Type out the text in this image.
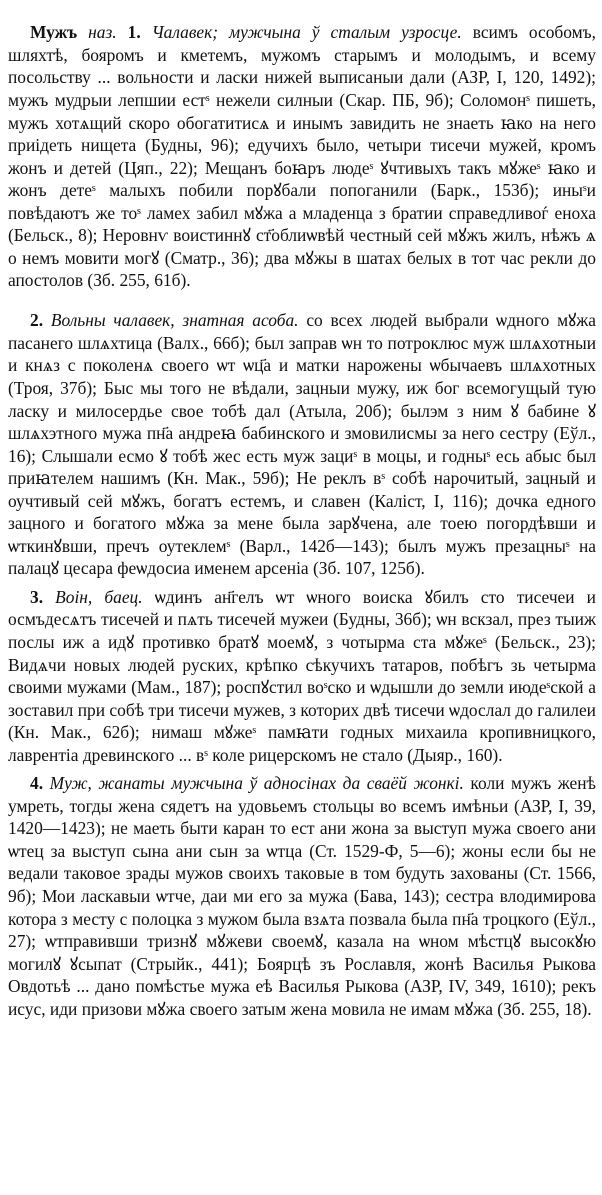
Мужъ наз. 1. Чалавек; мужчына ў сталым узросце. всимъ особомъ, шляхтѣ, бояромъ и кметемъ, мужомъ старымъ и молодымъ, и всему посольству ... вольности и ласки нижей выписаныи дали (АЗР, I, 120, 1492); мужъ мудрыи лепшии естˢ нежели силныи (Скар. ПБ, 9б); Соломонˢ пишеть, мужъ хотѧщий скоро обогатитисѧ и инымъ завидить не знаеть ꙗко на него приідеть нищета (Будны, 96); едучихъ было, четыри тисечи мужей, кромъ жонъ и детей (Цяп., 22); Мещанъ боꙗръ людеˢ ꙋчтивыхъ такъ мꙋжеˢ ꙗко и жонъ детеˢ малыхъ побили порꙋбали попоганили (Барк., 153б); иныˢи повѣдаютъ же тоˢ ламех забил мꙋжа а младенца з братии справедливоѓ еноха (Бельск., 8); Неровнѵ воистиннꙋ ст҃облиѡвѣй честный сей мꙋжъ жилъ, нѣжъ ѧ о немъ мовити могꙋ (Сматр., 36); два мꙋжы в шатах белых в тот час рекли до апостолов (Зб. 255, 61б).

2. Вольны чалавек, знатная асоба. со всех людей выбрали ѡдного мꙋжа пасанего шлѧхтица (Валх., 66б); был заправ ѡн то потроклюс муж шлѧхотныи и кнѧз с поколенѧ своего ѡт ѡц҃а и матки нарожены ѡбычаевъ шлѧхотных (Троя, 37б); Быс мы того не вѣдали, зацныи мужу, иж бог всемогущый тую ласку и милосердье свое тобѣ дал (Атыла, 20б); былэм з ним ꙋ бабине ꙋ шлѧхэтного мужа пн҃а андреꙗ бабинского и змовилисмы за него сестру (Еўл., 16); Слышали есмо ꙋ тобѣ жес есть муж зациˢ в моцы, и годныˢ есь абыс был приꙗтелем нашимъ (Кн. Мак., 59б); Не реклъ вˢ собѣ нарочитый, зацный и оучтивый сей мꙋжъ, богатъ естемъ, и славен (Каліст, I, 116); дочка едного зацного и богатого мꙋжа за мене была зарꙋчена, але тоею погордѣвши и ѡткинꙋвши, пречъ оутеклемˢ (Варл., 142б—143); былъ мужъ презацныˢ на палацꙋ цесара феѡдосиа именем арсеніа (Зб. 107, 125б).

3. Воін, баец. ѡдинъ ан҃гелъ ѡт ѡного воиска ꙋбилъ сто тисечеи и осмъдесѧтъ тисечей и пѧть тисечей мужеи (Будны, 36б); ѡн вскзал, през тыиж послы иж а идꙋ противко братꙋ моемꙋ, з чотырма ста мꙋжеˢ (Бельск., 23); Видѧчи новых людей руских, крѣпко сѣкучихъ татаров, побѣгъ зь четырма своими мужами (Мам., 187); роспꙋстил воˢско и ѡдышли до земли июдеˢской а зоставил при собѣ три тисечи мужев, з которих двѣ тисечи ѡдослал до галилеи (Кн. Мак., 62б); нимаш мꙋжеˢ памꙗти годных михаила кропивницкого, лаврентіа древинского ... вˢ коле рицерскомъ не стало (Дыяр., 160).

4. Муж, жанаты мужчына ў адносінах да сваёй жонкі. коли мужъ женѣ умреть, тогды жена сядетъ на удовьемъ стольцы во всемъ имѣньи (АЗР, I, 39, 1420—1423); не маеть быти каран то ест ани жона за выступ мужа своего ани ѡтец за выступ сына ани сын за ѡтца (Ст. 1529-Ф, 5—6); жоны если бы не ведали таковое зрады мужов своихъ таковые в том будуть захованы (Ст. 1566, 9б); Мои ласкавыи ѡтче, даи ми его за мужа (Бава, 143); сестра влодимирова котора з месту с полоцка з мужом была взѧта позвала была пн҃а троцкого (Еўл., 27); ѡтправивши тризнꙋ мꙋжеви своемꙋ, казала на ѡном мѣстцꙋ высокꙋю могилꙋ ꙋсыпат (Стрыйк., 441); Боярцѣ зъ Рославля, жонѣ Василья Рыкова Овдотьѣ ... дано помѣстье мужа еѣ Василья Рыкова (АЗР, IV, 349, 1610); рекъ исус, иди призови мꙋжа своего затым жена мовила не имам мꙋжа (Зб. 255, 18).
